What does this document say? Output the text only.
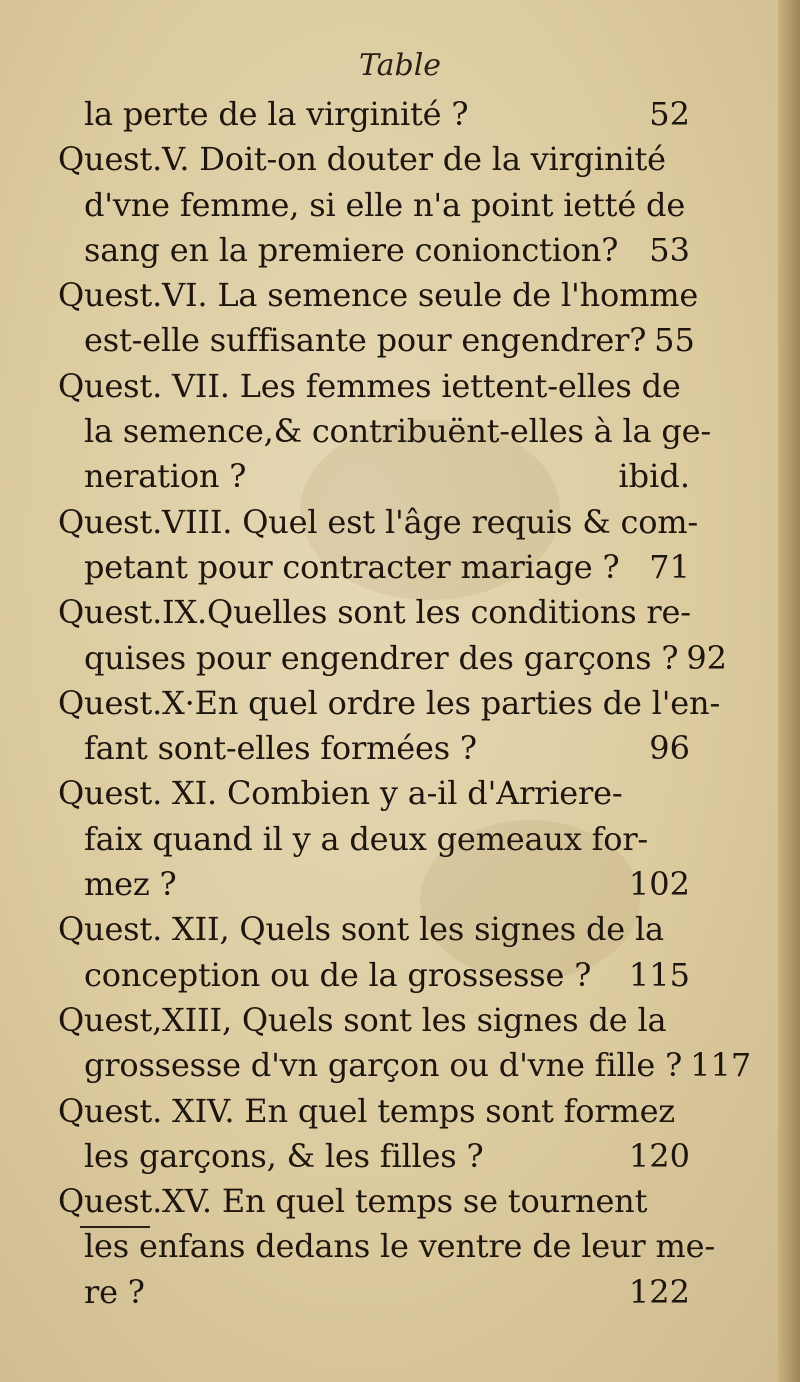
Table
la perte de la virginité ?	52
Quest.V. Doit-on douter de la virginité
d'vne femme, si elle n'a point ietté de
sang en la premiere conionction? 53
Quest.VI. La semence seule de l'homme
est-elle suffisante pour engendrer? 55
Quest. VII. Les femmes iettent-elles de
la semence,& contribuënt-elles à la ge-
neration ?	ibid.
Quest.VIII. Quel est l'âge requis & com-
petant pour contracter mariage ? 71
Quest.IX.Quelles sont les conditions re-
quises pour engendrer des garçons ? 92
Quest.X·En quel ordre les parties de l'en-
fant sont-elles formées ?	96
Quest. XI. Combien y a-il d'Arriere-
faix quand il y a deux gemeaux for-
mez ?	102
Quest. XII, Quels sont les signes de la
conception ou de la grossesse ? 115
Quest,XIII, Quels sont les signes de la
grossesse d'vn garçon ou d'vne fille ? 117
Quest. XIV. En quel temps sont formez
les garçons, & les filles ?	120
Quest.XV. En quel temps se tournent
les enfans dedans le ventre de leur me-
re ?	122
